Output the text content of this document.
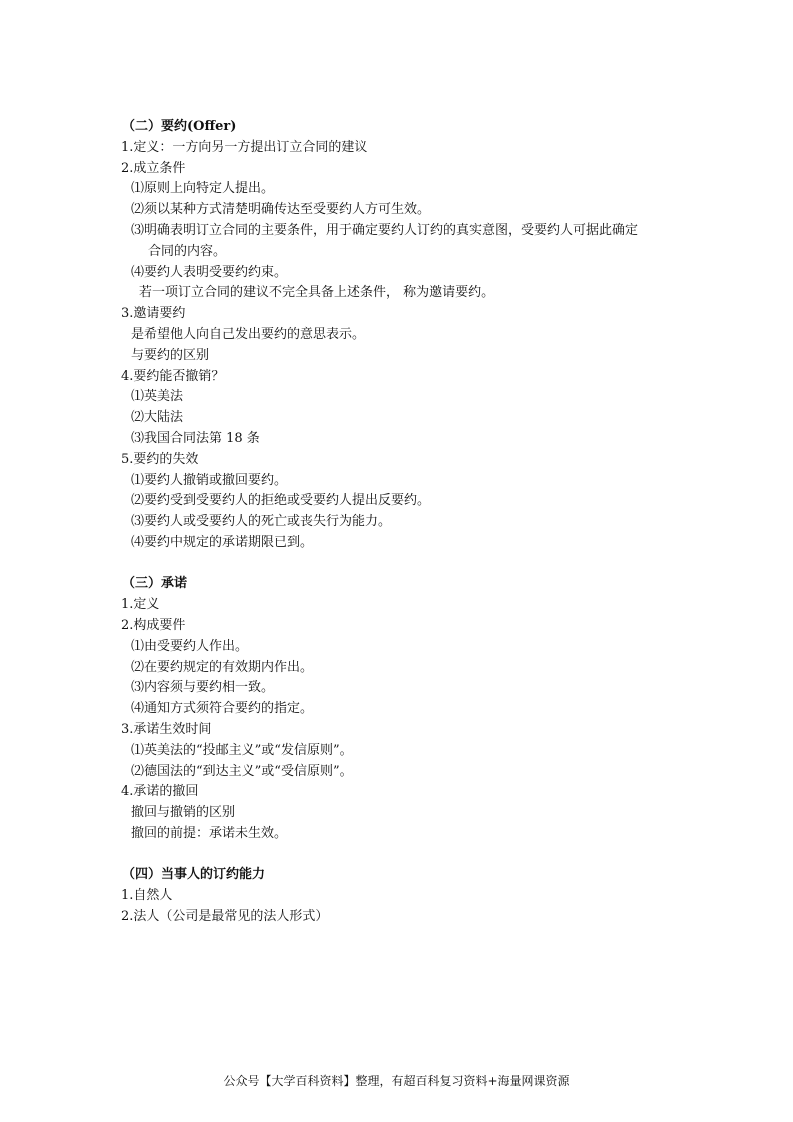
（二）要约(Offer)
1.定义：一方向另一方提出订立合同的建议
2.成立条件
⑴原则上向特定人提出。
⑵须以某种方式清楚明确传达至受要约人方可生效。
⑶明确表明订立合同的主要条件，用于确定要约人订约的真实意图，受要约人可据此确定
合同的内容。
⑷要约人表明受要约约束。
若一项订立合同的建议不完全具备上述条件， 称为邀请要约。
3.邀请要约
是希望他人向自己发出要约的意思表示。
与要约的区别
4.要约能否撤销？
⑴英美法
⑵大陆法
⑶我国合同法第 18 条
5.要约的失效
⑴要约人撤销或撤回要约。
⑵要约受到受要约人的拒绝或受要约人提出反要约。
⑶要约人或受要约人的死亡或丧失行为能力。
⑷要约中规定的承诺期限已到。
（三）承诺
1.定义
2.构成要件
⑴由受要约人作出。
⑵在要约规定的有效期内作出。
⑶内容须与要约相一致。
⑷通知方式须符合要约的指定。
3.承诺生效时间
⑴英美法的“投邮主义”或“发信原则”。
⑵德国法的“到达主义”或“受信原则”。
4.承诺的撤回
撤回与撤销的区别
撤回的前提：承诺未生效。
（四）当事人的订约能力
1.自然人
2.法人（公司是最常见的法人形式）
公众号【大学百科资料】整理，有超百科复习资料+海量网课资源
